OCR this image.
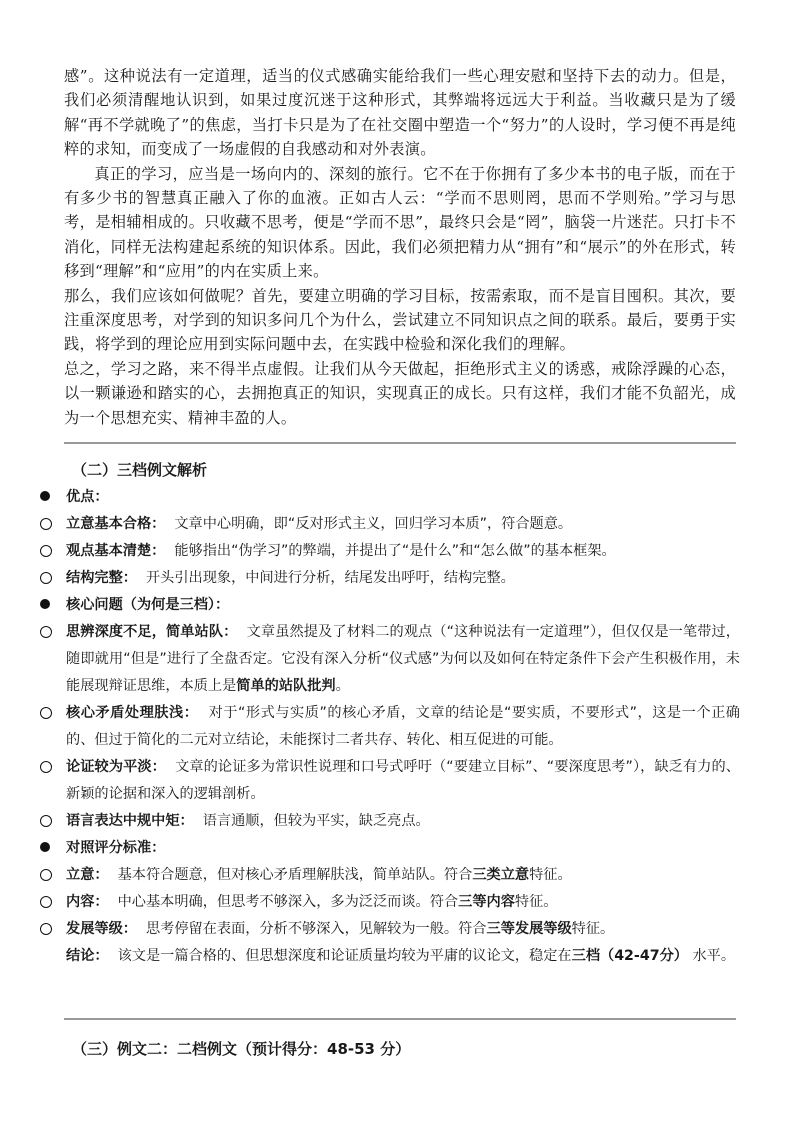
感”。这种说法有一定道理，适当的仪式感确实能给我们一些心理安慰和坚持下去的动力。但是，我们必须清醒地认识到，如果过度沉迷于这种形式，其弊端将远远大于利益。当收藏只是为了缓解“再不学就晚了”的焦虑，当打卡只是为了在社交圈中塑造一个“努力”的人设时，学习便不再是纯粹的求知，而变成了一场虚假的自我感动和对外表演。

真正的学习，应当是一场向内的、深刻的旅行。它不在于你拥有了多少本书的电子版，而在于有多少书的智慧真正融入了你的血液。正如古人云：“学而不思则罔，思而不学则殆。”学习与思考，是相辅相成的。只收藏不思考，便是“学而不思”，最终只会是“罔”，脑袋一片迷茫。只打卡不消化，同样无法构建起系统的知识体系。因此，我们必须把精力从“拥有”和“展示”的外在形式，转移到“理解”和“应用”的内在实质上来。

那么，我们应该如何做呢？首先，要建立明确的学习目标，按需索取，而不是盲目囤积。其次，要注重深度思考，对学到的知识多问几个为什么，尝试建立不同知识点之间的联系。最后，要勇于实践，将学到的理论应用到实际问题中去，在实践中检验和深化我们的理解。

总之，学习之路，来不得半点虚假。让我们从今天做起，拒绝形式主义的诱惑，戒除浮躁的心态，以一颗谦逊和踏实的心，去拥抱真正的知识，实现真正的成长。只有这样，我们才能不负韶光，成为一个思想充实、精神丰盈的人。

（二）三档例文解析
优点：
立意基本合格： 文章中心明确，即“反对形式主义，回归学习本质”，符合题意。
观点基本清楚： 能够指出“伪学习”的弊端，并提出了“是什么”和“怎么做”的基本框架。
结构完整： 开头引出现象，中间进行分析，结尾发出呼吁，结构完整。
核心问题（为何是三档）：
思辨深度不足，简单站队： 文章虽然提及了材料二的观点（“这种说法有一定道理”），但仅仅是一笔带过，随即就用“但是”进行了全盘否定。它没有深入分析“仪式感”为何以及如何在特定条件下会产生积极作用，未能展现辩证思维，本质上是简单的站队批判。
核心矛盾处理肤浅： 对于“形式与实质”的核心矛盾，文章的结论是“要实质，不要形式”，这是一个正确的、但过于简化的二元对立结论，未能探讨二者共存、转化、相互促进的可能。
论证较为平淡： 文章的论证多为常识性说理和口号式呼吁（“要建立目标”、“要深度思考”），缺乏有力的、新颖的论据和深入的逻辑剖析。
语言表达中规中矩： 语言通顺，但较为平实，缺乏亮点。
对照评分标准：
立意： 基本符合题意，但对核心矛盾理解肤浅，简单站队。符合三类立意特征。
内容： 中心基本明确，但思考不够深入，多为泛泛而谈。符合三等内容特征。
发展等级： 思考停留在表面，分析不够深入，见解较为一般。符合三等发展等级特征。
结论： 该文是一篇合格的、但思想深度和论证质量均较为平庸的议论文，稳定在三档（42-47分） 水平。
（三）例文二：二档例文（预计得分：48-53 分）
